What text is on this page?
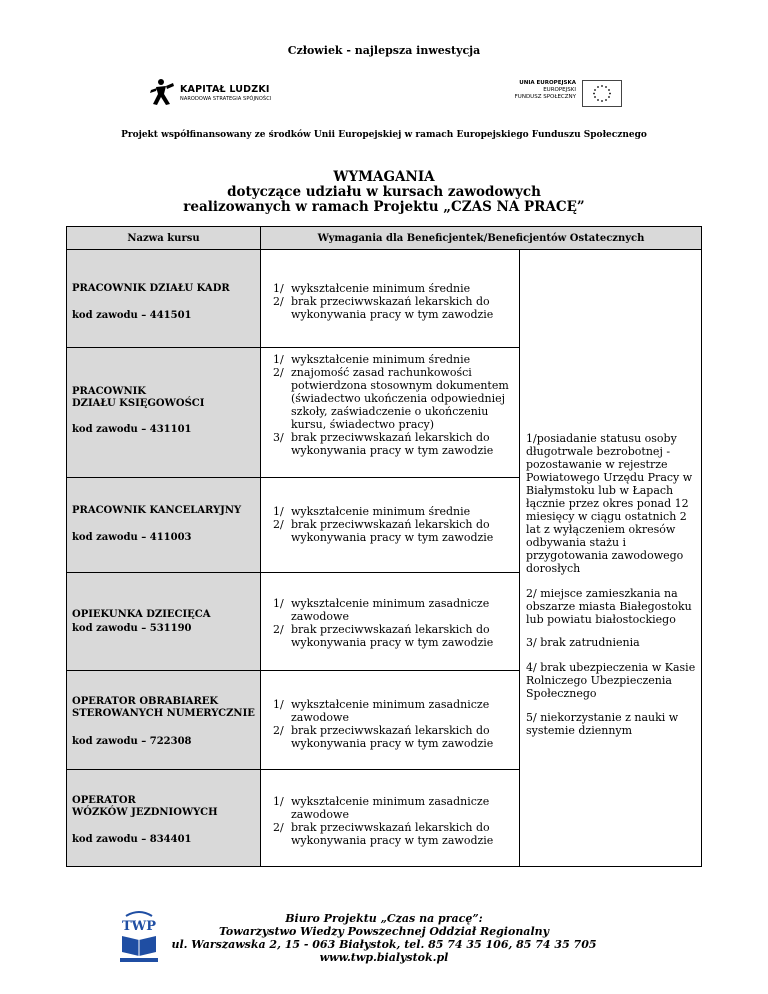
Człowiek - najlepsza inwestycja
KAPITAŁ LUDZKI
NARODOWA STRATEGIA SPÓJNOŚCI
UNIA EUROPEJSKA
EUROPEJSKI
FUNDUSZ SPOŁECZNY
Projekt współfinansowany ze środków Unii Europejskiej w ramach Europejskiego Funduszu Społecznego
WYMAGANIA
dotyczące udziału w kursach zawodowych
realizowanych w ramach Projektu „CZAS NA PRACĘ”
Nazwa kursu	Wymagania dla Beneficjentek/Beneficjentów Ostatecznych
PRACOWNIK DZIAŁU KADR
kod zawodu – 441501
1/ wykształcenie minimum średnie
2/ brak przeciwwskazań lekarskich do wykonywania pracy w tym zawodzie
PRACOWNIK
DZIAŁU KSIĘGOWOŚCI
kod zawodu – 431101
1/ wykształcenie minimum średnie
2/ znajomość zasad rachunkowości potwierdzona stosownym dokumentem (świadectwo ukończenia odpowiedniej szkoły, zaświadczenie o ukończeniu kursu, świadectwo pracy)
3/ brak przeciwwskazań lekarskich do wykonywania pracy w tym zawodzie
PRACOWNIK KANCELARYJNY
kod zawodu – 411003
1/ wykształcenie minimum średnie
2/ brak przeciwwskazań lekarskich do wykonywania pracy w tym zawodzie
OPIEKUNKA DZIECIĘCA
kod zawodu – 531190
1/ wykształcenie minimum zasadnicze zawodowe
2/ brak przeciwwskazań lekarskich do wykonywania pracy w tym zawodzie
OPERATOR OBRABIAREK
STEROWANYCH NUMERYCZNIE
kod zawodu – 722308
1/ wykształcenie minimum zasadnicze zawodowe
2/ brak przeciwwskazań lekarskich do wykonywania pracy w tym zawodzie
OPERATOR
WÓZKÓW JEZDNIOWYCH
kod zawodu – 834401
1/ wykształcenie minimum zasadnicze zawodowe
2/ brak przeciwwskazań lekarskich do wykonywania pracy w tym zawodzie

1/posiadanie statusu osoby długotrwale bezrobotnej - pozostawanie w rejestrze Powiatowego Urzędu Pracy w Białymstoku lub w Łapach łącznie przez okres ponad 12 miesięcy w ciągu ostatnich 2 lat z wyłączeniem okresów odbywania stażu i przygotowania zawodowego dorosłych

2/ miejsce zamieszkania na obszarze miasta Białegostoku lub powiatu białostockiego

3/ brak zatrudnienia

4/ brak ubezpieczenia w Kasie Rolniczego Ubezpieczenia Społecznego

5/ niekorzystanie z nauki w systemie dziennym

TWP
Biuro Projektu „Czas na pracę”:
Towarzystwo Wiedzy Powszechnej Oddział Regionalny
ul. Warszawska 2, 15 - 063 Białystok, tel. 85 74 35 106, 85 74 35 705
www.twp.bialystok.pl
